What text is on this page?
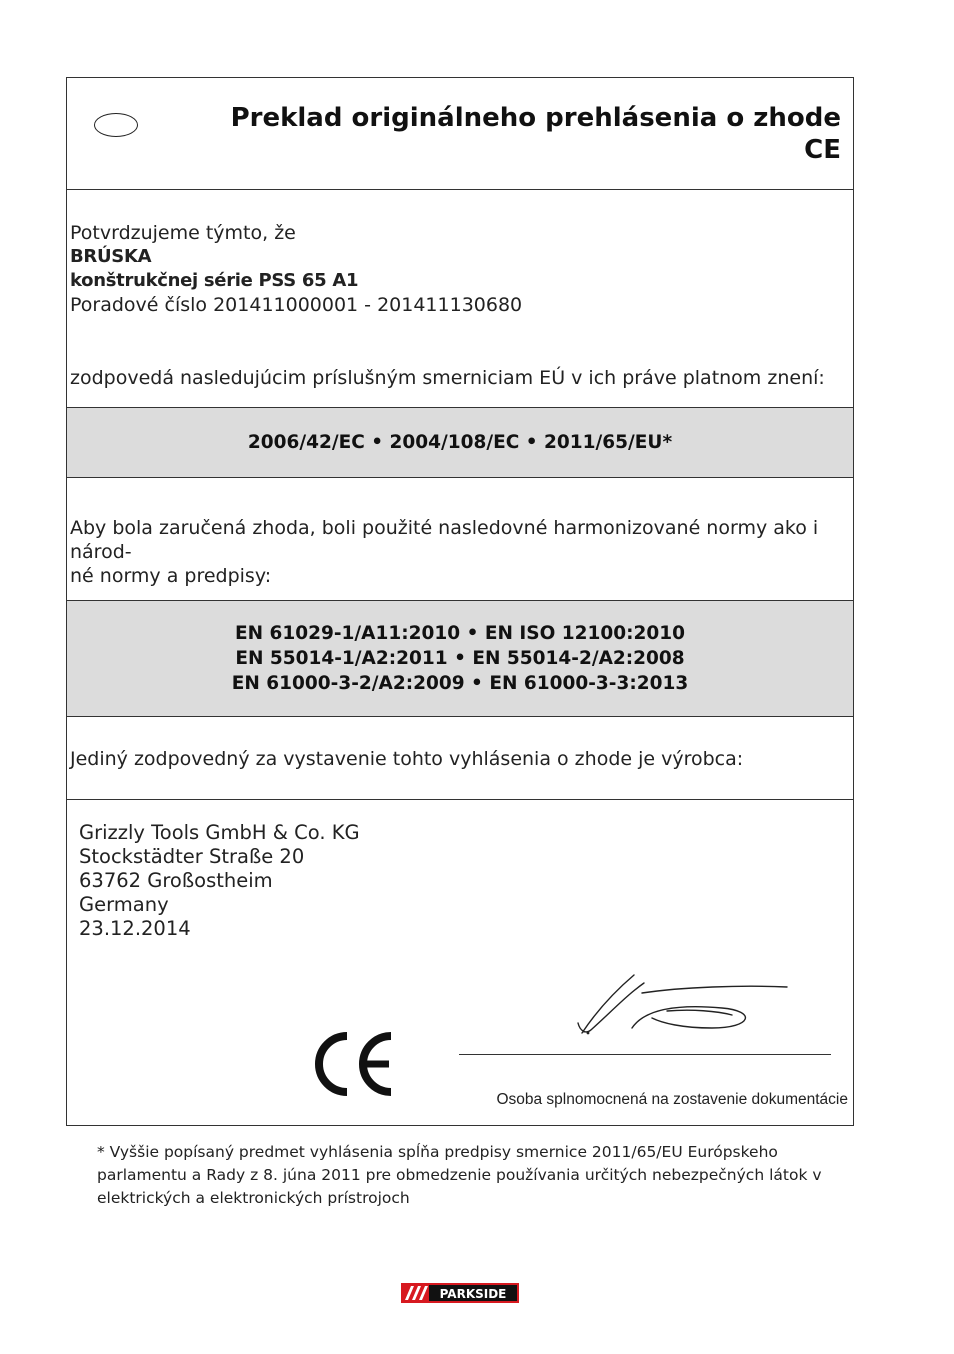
Preklad originálneho prehlásenia o zhode
CE
Potvrdzujeme týmto, že
BRÚSKA
konštrukčnej série PSS 65 A1
Poradové číslo 201411000001 - 201411130680
zodpovedá nasledujúcim príslušným smerniciam EÚ v ich práve platnom znení:
2006/42/EC • 2004/108/EC • 2011/65/EU*
Aby bola zaručená zhoda, boli použité nasledovné harmonizované normy ako i národ-
né normy a predpisy:
EN 61029-1/A11:2010 • EN ISO 12100:2010
EN 55014-1/A2:2011 • EN 55014-2/A2:2008
EN 61000-3-2/A2:2009 • EN 61000-3-3:2013
Jediný zodpovedný za vystavenie tohto vyhlásenia o zhode je výrobca:
Grizzly Tools GmbH & Co. KG
Stockstädter Straße 20
63762 Großostheim
Germany
23.12.2014
Osoba splnomocnená na zostavenie dokumentácie
* Vyššie popísaný predmet vyhlásenia spĺňa predpisy smernice 2011/65/EU Európskeho
parlamentu a Rady z 8. júna 2011 pre obmedzenie používania určitých nebezpečných látok v
elektrických a elektronických prístrojoch
PARKSIDE
